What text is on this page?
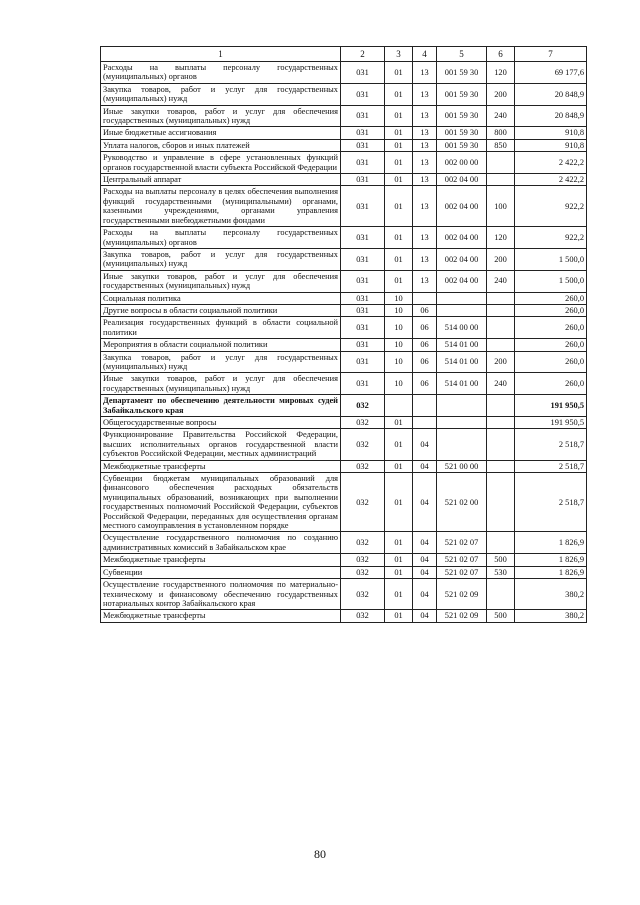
1	2	3	4	5	6	7
Расходы на выплаты персоналу государственных (муниципальных) органов	031	01	13	001 59 30	120	69 177,6
Закупка товаров, работ и услуг для государственных (муниципальных) нужд	031	01	13	001 59 30	200	20 848,9
Иные закупки товаров, работ и услуг для обеспечения государственных (муниципальных) нужд	031	01	13	001 59 30	240	20 848,9
Иные бюджетные ассигнования	031	01	13	001 59 30	800	910,8
Уплата налогов, сборов и иных платежей	031	01	13	001 59 30	850	910,8
Руководство и управление в сфере установленных функций органов государственной власти субъекта Российской Федерации	031	01	13	002 00 00		2 422,2
Центральный аппарат	031	01	13	002 04 00		2 422,2
Расходы на выплаты персоналу в целях обеспечения выполнения функций государственными (муниципальными) органами, казенными учреждениями, органами управления государственными внебюджетными фондами	031	01	13	002 04 00	100	922,2
Расходы на выплаты персоналу государственных (муниципальных) органов	031	01	13	002 04 00	120	922,2
Закупка товаров, работ и услуг для государственных (муниципальных) нужд	031	01	13	002 04 00	200	1 500,0
Иные закупки товаров, работ и услуг для обеспечения государственных (муниципальных) нужд	031	01	13	002 04 00	240	1 500,0
Социальная политика	031	10				260,0
Другие вопросы в области социальной политики	031	10	06			260,0
Реализация государственных функций в области социальной политики	031	10	06	514 00 00		260,0
Мероприятия в области социальной политики	031	10	06	514 01 00		260,0
Закупка товаров, работ и услуг для государственных (муниципальных) нужд	031	10	06	514 01 00	200	260,0
Иные закупки товаров, работ и услуг для обеспечения государственных (муниципальных) нужд	031	10	06	514 01 00	240	260,0
Департамент по обеспечению деятельности мировых судей Забайкальского края	032					191 950,5
Общегосударственные вопросы	032	01				191 950,5
Функционирование Правительства Российской Федерации, высших исполнительных органов государственной власти субъектов Российской Федерации, местных администраций	032	01	04			2 518,7
Межбюджетные трансферты	032	01	04	521 00 00		2 518,7
Субвенции бюджетам муниципальных образований для финансового обеспечения расходных обязательств муниципальных образований, возникающих при выполнении государственных полномочий Российской Федерации, субъектов Российской Федерации, переданных для осуществления органам местного самоуправления в установленном порядке	032	01	04	521 02 00		2 518,7
Осуществление государственного полномочия по созданию административных комиссий в Забайкальском крае	032	01	04	521 02 07		1 826,9
Межбюджетные трансферты	032	01	04	521 02 07	500	1 826,9
Субвенции	032	01	04	521 02 07	530	1 826,9
Осуществление государственного полномочия по материально-техническому и финансовому обеспечению государственных нотариальных контор Забайкальского края	032	01	04	521 02 09		380,2
Межбюджетные трансферты	032	01	04	521 02 09	500	380,2
80
